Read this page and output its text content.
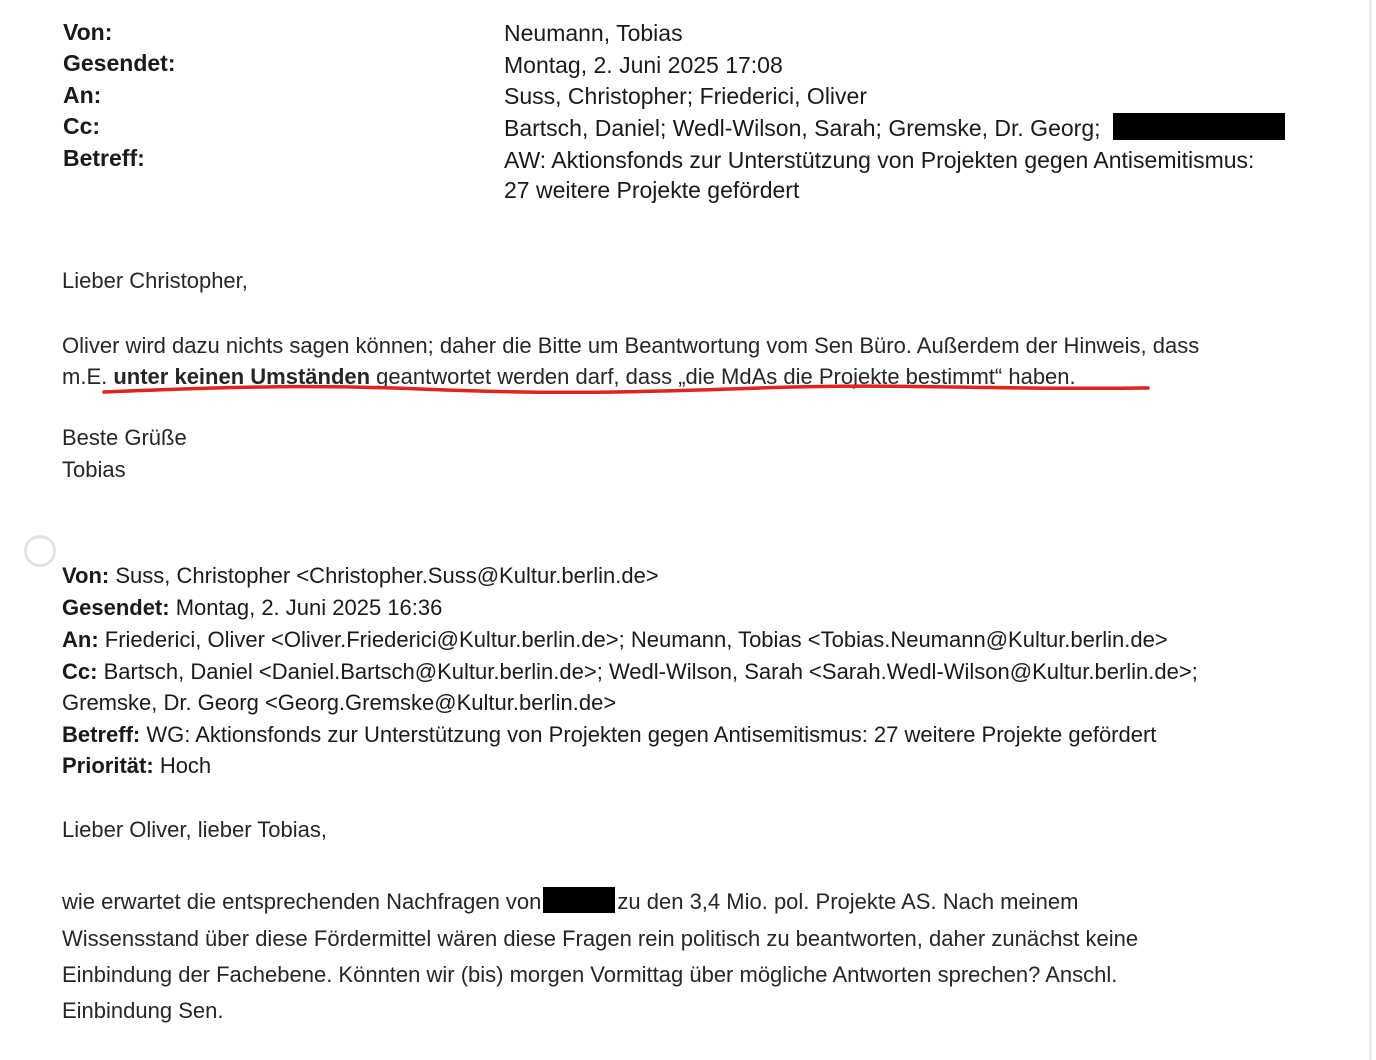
Von:	Neumann, Tobias
Gesendet:	Montag, 2. Juni 2025 17:08
An:	Suss, Christopher; Friederici, Oliver
Cc:	Bartsch, Daniel; Wedl-Wilson, Sarah; Gremske, Dr. Georg;
Betreff:	AW: Aktionsfonds zur Unterstützung von Projekten gegen Antisemitismus:
27 weitere Projekte gefördert
Lieber Christopher,
Oliver wird dazu nichts sagen können; daher die Bitte um Beantwortung vom Sen Büro. Außerdem der Hinweis, dass
m.E. unter keinen Umständen geantwortet werden darf, dass „die MdAs die Projekte bestimmt“ haben.
Beste Grüße
Tobias
Von: Suss, Christopher <Christopher.Suss@Kultur.berlin.de>
Gesendet: Montag, 2. Juni 2025 16:36
An: Friederici, Oliver <Oliver.Friederici@Kultur.berlin.de>; Neumann, Tobias <Tobias.Neumann@Kultur.berlin.de>
Cc: Bartsch, Daniel <Daniel.Bartsch@Kultur.berlin.de>; Wedl-Wilson, Sarah <Sarah.Wedl-Wilson@Kultur.berlin.de>;
Gremske, Dr. Georg <Georg.Gremske@Kultur.berlin.de>
Betreff: WG: Aktionsfonds zur Unterstützung von Projekten gegen Antisemitismus: 27 weitere Projekte gefördert
Priorität: Hoch
Lieber Oliver, lieber Tobias,
wie erwartet die entsprechenden Nachfragen von	zu den 3,4 Mio. pol. Projekte AS. Nach meinem
Wissensstand über diese Fördermittel wären diese Fragen rein politisch zu beantworten, daher zunächst keine
Einbindung der Fachebene. Könnten wir (bis) morgen Vormittag über mögliche Antworten sprechen? Anschl.
Einbindung Sen.
